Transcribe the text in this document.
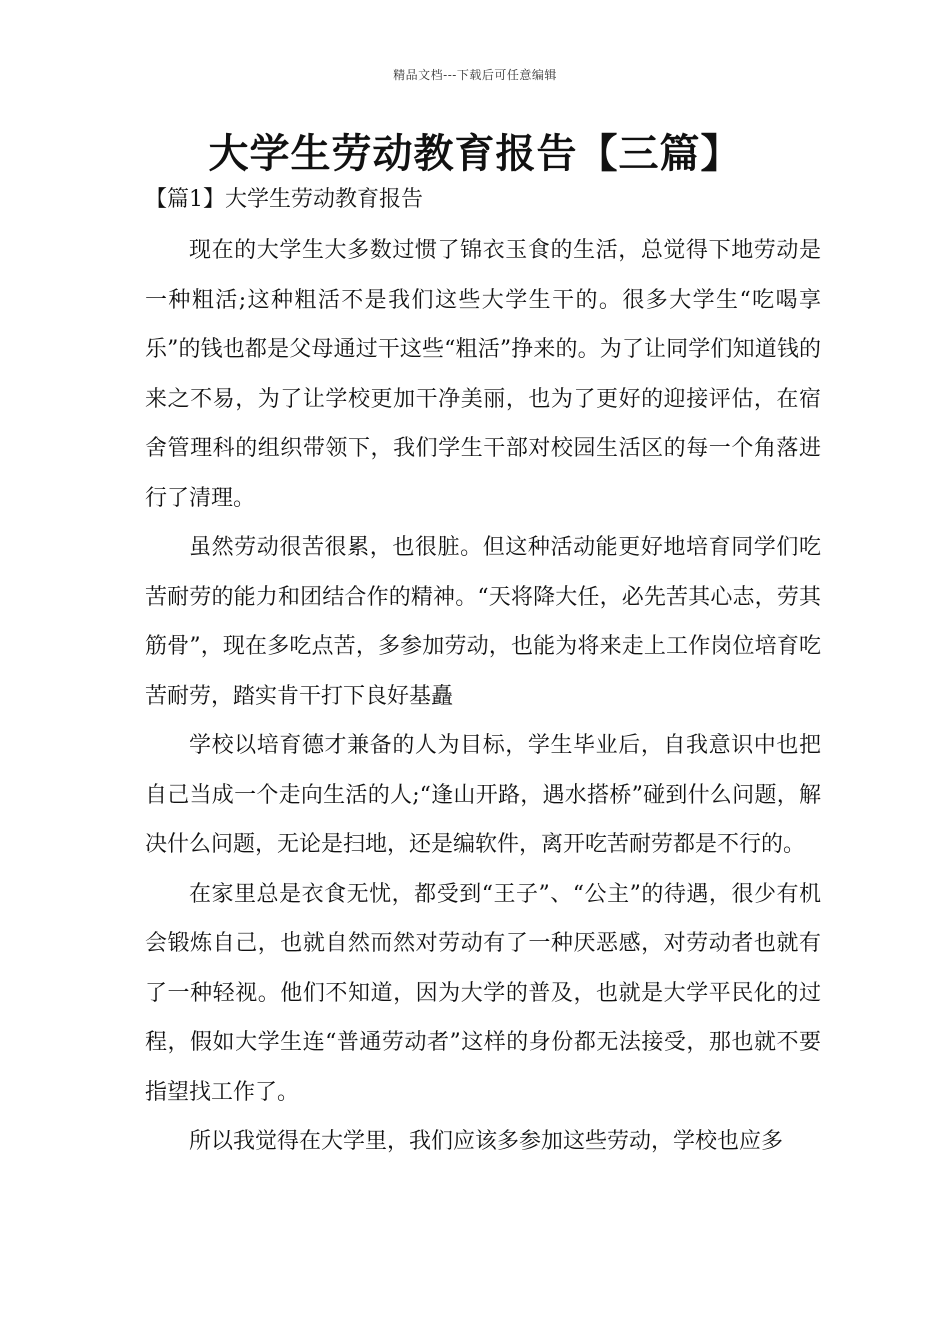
精品文档---下载后可任意编辑
大学生劳动教育报告【三篇】
【篇1】大学生劳动教育报告

现在的大学生大多数过惯了锦衣玉食的生活，总觉得下地劳动是一种粗活;这种粗活不是我们这些大学生干的。很多大学生“吃喝享乐”的钱也都是父母通过干这些“粗活”挣来的。为了让同学们知道钱的来之不易，为了让学校更加干净美丽，也为了更好的迎接评估，在宿舍管理科的组织带领下，我们学生干部对校园生活区的每一个角落进行了清理。

虽然劳动很苦很累，也很脏。但这种活动能更好地培育同学们吃苦耐劳的能力和团结合作的精神。“天将降大任，必先苦其心志，劳其筋骨”，现在多吃点苦，多参加劳动，也能为将来走上工作岗位培育吃苦耐劳，踏实肯干打下良好基矗

学校以培育德才兼备的人为目标，学生毕业后，自我意识中也把自己当成一个走向生活的人;“逢山开路，遇水搭桥”碰到什么问题，解决什么问题，无论是扫地，还是编软件，离开吃苦耐劳都是不行的。

在家里总是衣食无忧，都受到“王子”、“公主”的待遇，很少有机会锻炼自己，也就自然而然对劳动有了一种厌恶感，对劳动者也就有了一种轻视。他们不知道，因为大学的普及，也就是大学平民化的过程，假如大学生连“普通劳动者”这样的身份都无法接受，那也就不要指望找工作了。

所以我觉得在大学里，我们应该多参加这些劳动，学校也应多
